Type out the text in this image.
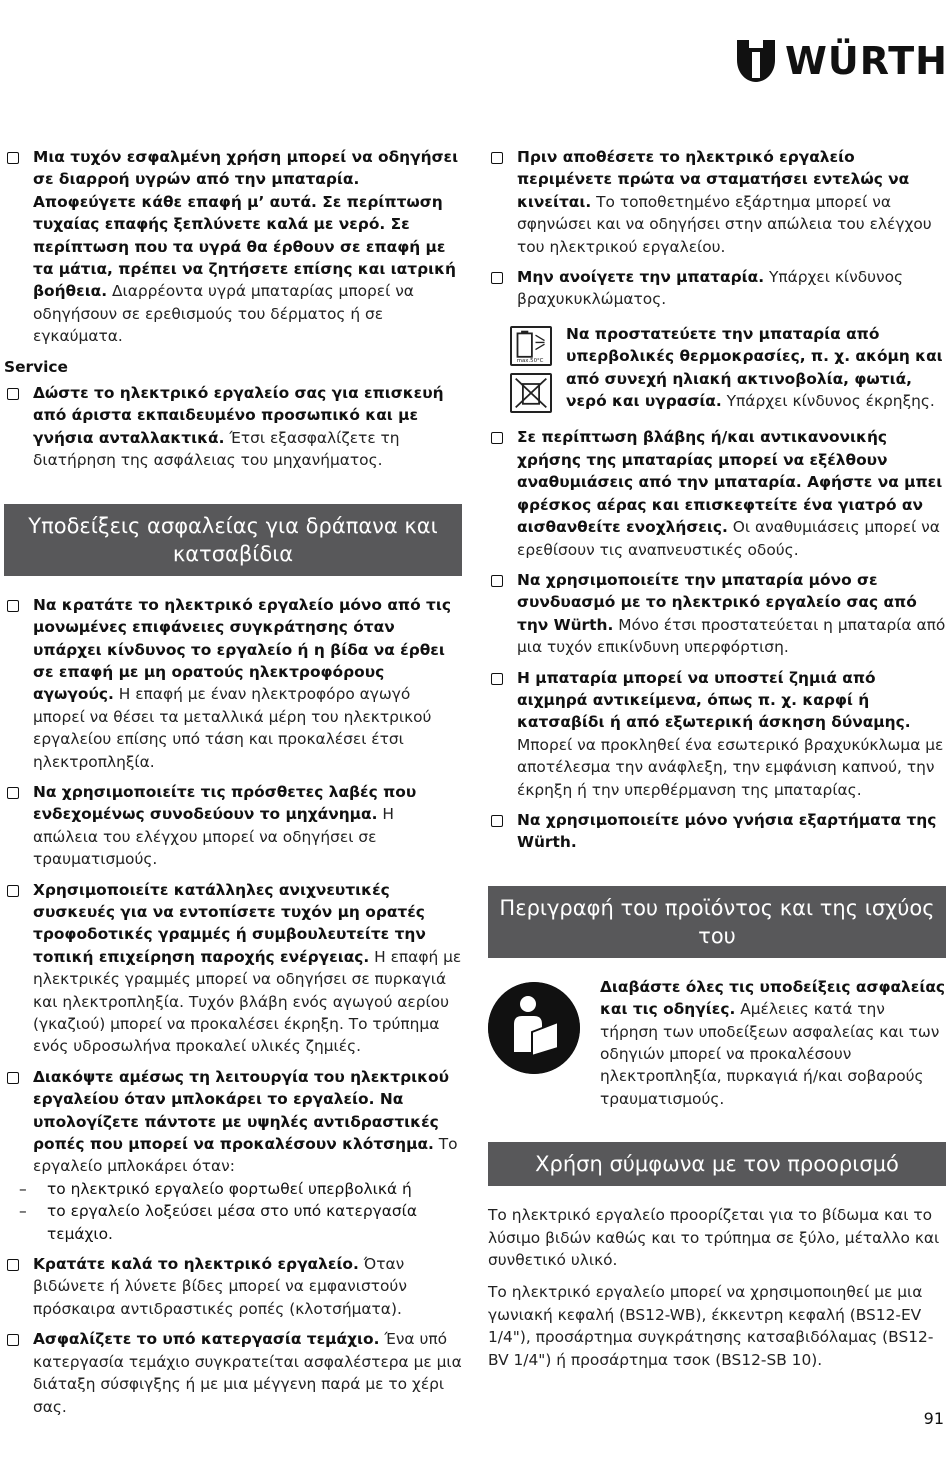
WÜRTH
Μια τυχόν εσφαλμένη χρήση μπορεί να οδηγήσει σε διαρροή υγρών από την μπαταρία. Αποφεύγετε κάθε επαφή μ’ αυτά. Σε περίπτωση τυχαίας επαφής ξεπλύνετε καλά με νερό. Σε περίπτωση που τα υγρά θα έρθουν σε επαφή με τα μάτια, πρέπει να ζητήσετε επίσης και ιατρική βοήθεια. Διαρρέοντα υγρά μπαταρίας μπορεί να οδηγήσουν σε ερεθισμούς του δέρματος ή σε εγκαύματα.
Service
Δώστε το ηλεκτρικό εργαλείο σας για επισκευή από άριστα εκπαιδευμένο προσωπικό και με γνήσια ανταλλακτικά. Έτσι εξασφαλίζετε τη διατήρηση της ασφάλειας του μηχανήματος.
Υποδείξεις ασφαλείας για δράπανα και κατσαβίδια
Να κρατάτε το ηλεκτρικό εργαλείο μόνο από τις μονωμένες επιφάνειες συγκράτησης όταν υπάρχει κίνδυνος το εργαλείο ή η βίδα να έρθει σε επαφή με μη ορατούς ηλεκτροφόρους αγωγούς. Η επαφή με έναν ηλεκτροφόρο αγωγό μπορεί να θέσει τα μεταλλικά μέρη του ηλεκτρικού εργαλείου επίσης υπό τάση και προκαλέσει έτσι ηλεκτροπληξία.
Να χρησιμοποιείτε τις πρόσθετες λαβές που ενδεχομένως συνοδεύουν το μηχάνημα. Η απώλεια του ελέγχου μπορεί να οδηγήσει σε τραυματισμούς.
Χρησιμοποιείτε κατάλληλες ανιχνευτικές συσκευές για να εντοπίσετε τυχόν μη ορατές τροφοδοτικές γραμμές ή συμβουλευτείτε την τοπική επιχείρηση παροχής ενέργειας. Η επαφή με ηλεκτρικές γραμμές μπορεί να οδηγήσει σε πυρκαγιά και ηλεκτροπληξία. Τυχόν βλάβη ενός αγωγού αερίου (γκαζιού) μπορεί να προκαλέσει έκρηξη. Το τρύπημα ενός υδροσωλήνα προκαλεί υλικές ζημιές.
Διακόψτε αμέσως τη λειτουργία του ηλεκτρικού εργαλείου όταν μπλοκάρει το εργαλείο. Να υπολογίζετε πάντοτε με υψηλές αντιδραστικές ροπές που μπορεί να προκαλέσουν κλότσημα. Το εργαλείο μπλοκάρει όταν:
– το ηλεκτρικό εργαλείο φορτωθεί υπερβολικά ή
– το εργαλείο λοξεύσει μέσα στο υπό κατεργασία τεμάχιο.
Κρατάτε καλά το ηλεκτρικό εργαλείο. Όταν βιδώνετε ή λύνετε βίδες μπορεί να εμφανιστούν πρόσκαιρα αντιδραστικές ροπές (κλοτσήματα).
Ασφαλίζετε το υπό κατεργασία τεμάχιο. Ένα υπό κατεργασία τεμάχιο συγκρατείται ασφαλέστερα με μια διάταξη σύσφιγξης ή με μια μέγγενη παρά με το χέρι σας.
Πριν αποθέσετε το ηλεκτρικό εργαλείο περιμένετε πρώτα να σταματήσει εντελώς να κινείται. Το τοποθετημένο εξάρτημα μπορεί να σφηνώσει και να οδηγήσει στην απώλεια του ελέγχου του ηλεκτρικού εργαλείου.
Μην ανοίγετε την μπαταρία. Υπάρχει κίνδυνος βραχυκυκλώματος.
max.50°C
Να προστατεύετε την μπαταρία από υπερβολικές θερμοκρασίες, π. χ. ακόμη και από συνεχή ηλιακή ακτινοβολία, φωτιά, νερό και υγρασία. Υπάρχει κίνδυνος έκρηξης.
Σε περίπτωση βλάβης ή/και αντικανονικής χρήσης της μπαταρίας μπορεί να εξέλθουν αναθυμιάσεις από την μπαταρία. Αφήστε να μπει φρέσκος αέρας και επισκεφτείτε ένα γιατρό αν αισθανθείτε ενοχλήσεις. Οι αναθυμιάσεις μπορεί να ερεθίσουν τις αναπνευστικές οδούς.
Να χρησιμοποιείτε την μπαταρία μόνο σε συνδυασμό με το ηλεκτρικό εργαλείο σας από την Würth. Μόνο έτσι προστατεύεται η μπαταρία από μια τυχόν επικίνδυνη υπερφόρτιση.
Η μπαταρία μπορεί να υποστεί ζημιά από αιχμηρά αντικείμενα, όπως π. χ. καρφί ή κατσαβίδι ή από εξωτερική άσκηση δύναμης. Μπορεί να προκληθεί ένα εσωτερικό βραχυκύκλωμα με αποτέλεσμα την ανάφλεξη, την εμφάνιση καπνού, την έκρηξη ή την υπερθέρμανση της μπαταρίας.
Να χρησιμοποιείτε μόνο γνήσια εξαρτήματα της Würth.
Περιγραφή του προϊόντος και της ισχύος του
Διαβάστε όλες τις υποδείξεις ασφαλείας και τις οδηγίες. Αμέλειες κατά την τήρηση των υποδείξεων ασφαλείας και των οδηγιών μπορεί να προκαλέσουν ηλεκτροπληξία, πυρκαγιά ή/και σοβαρούς τραυματισμούς.
Χρήση σύμφωνα με τον προορισμό

Το ηλεκτρικό εργαλείο προορίζεται για το βίδωμα και το λύσιμο βιδών καθώς και το τρύπημα σε ξύλο, μέταλλο και συνθετικό υλικό.

Το ηλεκτρικό εργαλείο μπορεί να χρησιμοποιηθεί με μια γωνιακή κεφαλή (BS12-WB), έκκεντρη κεφαλή (BS12-EV 1/4"), προσάρτημα συγκράτησης κατσαβιδόλαμας (BS12-BV 1/4") ή προσάρτημα τσοκ (BS12-SB 10).

91
